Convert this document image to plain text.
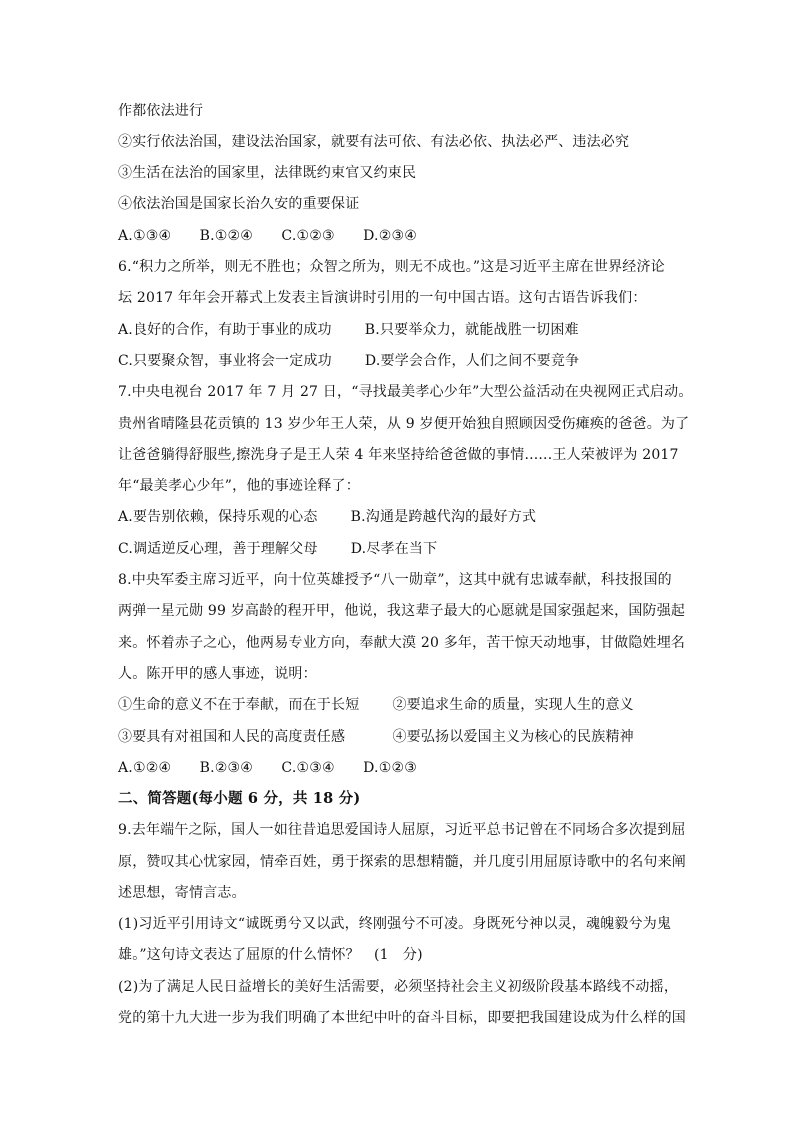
作都依法进行
②实行依法治国，建设法治国家，就要有法可依、有法必依、执法必严、违法必究
③生活在法治的国家里，法律既约束官又约束民
④依法治国是国家长治久安的重要保证
A.①③④　　B.①②④　　C.①②③　　D.②③④
6.“积力之所举，则无不胜也；众智之所为，则无不成也。”这是习近平主席在世界经济论
坛 2017 年年会开幕式上发表主旨演讲时引用的一句中国古语。这句古语告诉我们：
A.良好的合作，有助于事业的成功　　 B.只要举众力，就能战胜一切困难
C.只要聚众智，事业将会一定成功　　 D.要学会合作，人们之间不要竞争
7.中央电视台 2017 年 7 月 27 日，“寻找最美孝心少年”大型公益活动在央视网正式启动。
贵州省晴隆县花贡镇的 13 岁少年王人荣，从 9 岁便开始独自照顾因受伤瘫痪的爸爸。为了
让爸爸躺得舒服些,擦洗身子是王人荣 4 年来坚持给爸爸做的事情......王人荣被评为 2017
年“最美孝心少年”，他的事迹诠释了：
A.要告别依赖，保持乐观的心态　　 B.沟通是跨越代沟的最好方式
C.调适逆反心理，善于理解父母　　 D.尽孝在当下
8.中央军委主席习近平，向十位英雄授予“八一勋章”，这其中就有忠诚奉献，科技报国的
两弹一星元勋 99 岁高龄的程开甲，他说，我这辈子最大的心愿就是国家强起来，国防强起
来。怀着赤子之心，他两易专业方向，奉献大漠 20 多年，苦干惊天动地事，甘做隐姓埋名
人。陈开甲的感人事迹，说明：
①生命的意义不在于奉献，而在于长短　　 ②要追求生命的质量，实现人生的意义
③要具有对祖国和人民的高度责任感　　　 ④要弘扬以爱国主义为核心的民族精神
A.①②④　　B.②③④　　C.①③④　　D.①②③
二、简答题(每小题 6 分，共 18 分)
9.去年端午之际，国人一如往昔追思爱国诗人屈原，习近平总书记曾在不同场合多次提到屈
原，赞叹其心忧家园，情牵百姓，勇于探索的思想精髓，并几度引用屈原诗歌中的名句来阐
述思想，寄情言志。
(1)习近平引用诗文“诚既勇兮又以武，终刚强兮不可凌。身既死兮神以灵，魂魄毅兮为鬼
雄。”这句诗文表达了屈原的什么情怀？　(1　分)
(2)为了满足人民日益增长的美好生活需要，必须坚持社会主义初级阶段基本路线不动摇，
党的第十九大进一步为我们明确了本世纪中叶的奋斗目标，即要把我国建设成为什么样的国
